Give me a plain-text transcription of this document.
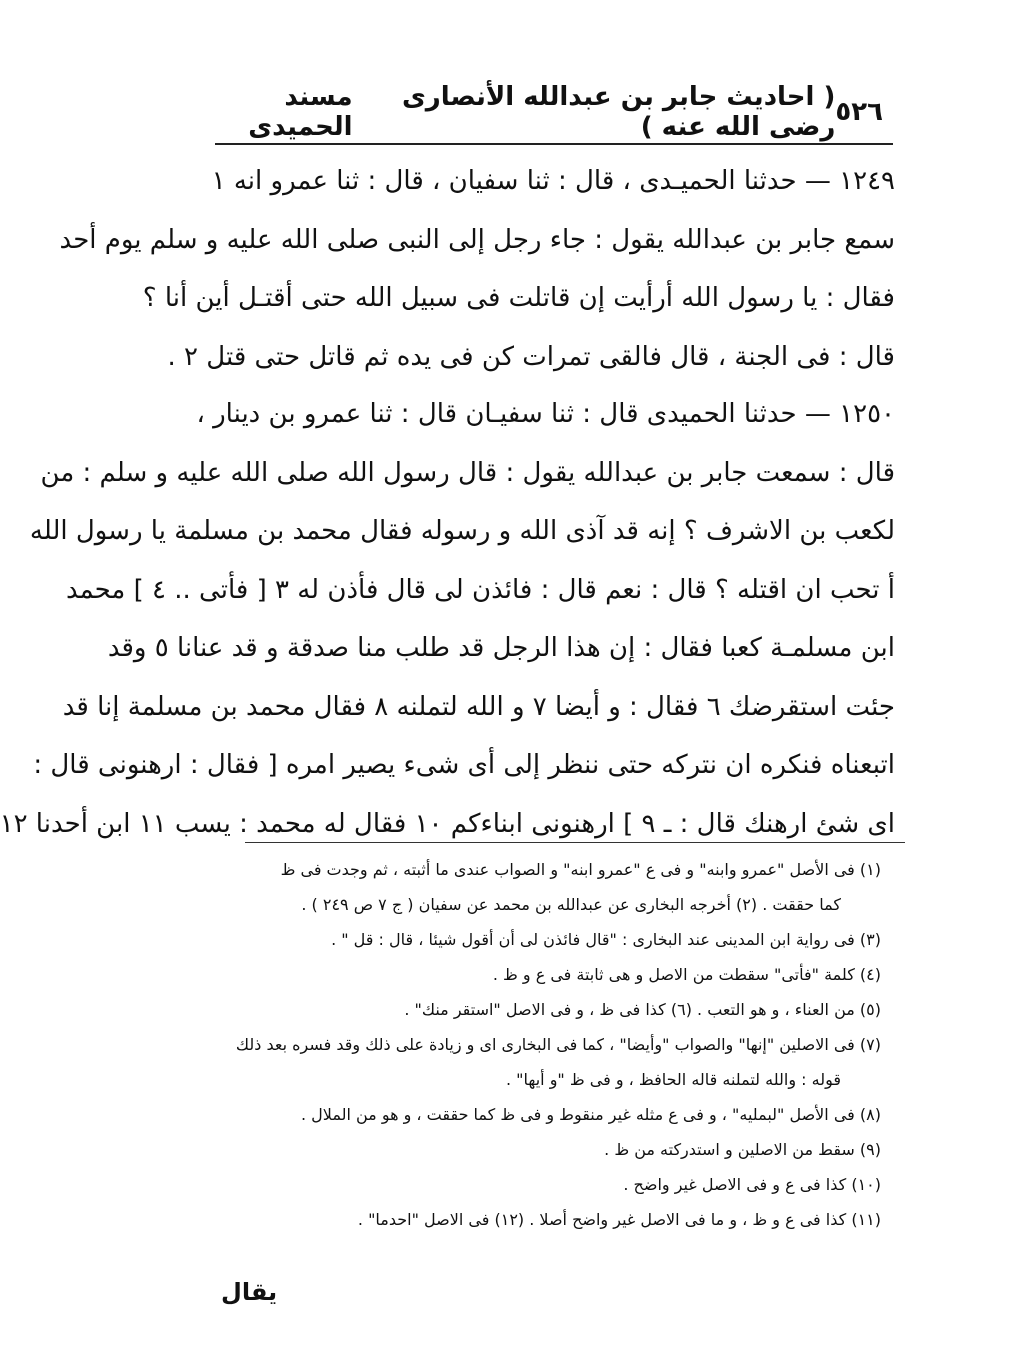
٥٢٦
( احاديث جابر بن عبدالله الأنصارى رضى الله عنه )
مسند الحميدى
١٢٤٩ — حدثنا الحميـدى ، قال : ثنا سفيان ، قال : ثنا عمرو انه ١
سمع جابر بن عبدالله يقول : جاء رجل إلى النبى صلى الله عليه و سلم يوم أحد
فقال : يا رسول الله أرأيت إن قاتلت فى سبيل الله حتى أقتـل أين أنا ؟
قال : فى الجنة ، قال فالقى تمرات كن فى يده ثم قاتل حتى قتل ٢ .
١٢٥٠ — حدثنا الحميدى قال : ثنا سفيـان قال : ثنا عمرو بن دينار ،
قال : سمعت جابر بن عبدالله يقول : قال رسول الله صلى الله عليه و سلم : من
لكعب بن الاشرف ؟ إنه قد آذى الله و رسوله فقال محمد بن مسلمة يا رسول الله
أ تحب ان اقتله ؟ قال : نعم قال : فائذن لى قال فأذن له ٣ [ فأتى .. ٤ ] محمد
ابن مسلمـة كعبا فقال : إن هذا الرجل قد طلب منا صدقة و قد عنانا ٥ وقد
جئت استقرضك ٦ فقال : و أيضا ٧ و الله لتملنه ٨ فقال محمد بن مسلمة إنا قد
اتبعناه فنكره ان نتركه حتى ننظر إلى أى شىء يصير امره [ فقال : ارهنونى قال :
اى شئ ارهنك قال : ـ ٩ ] ارهنونى ابناءكم ١٠ فقال له محمد : يسب ١١ ابن أحدنا ١٢
(١) فى الأصل "عمرو وابنه" و فى ع "عمرو ابنه" و الصواب عندى ما أثبته ، ثم وجدت فى ظ
كما حققت . (٢) أخرجه البخارى عن عبدالله بن محمد عن سفيان ( ج ٧ ص ٢٤٩ ) .
(٣) فى رواية ابن المدينى عند البخارى : "قال فائذن لى أن أقول شيئا ، قال : قل " .
(٤) كلمة "فأتى" سقطت من الاصل و هى ثابتة فى ع و ظ .
(٥) من العناء ، و هو التعب . (٦) كذا فى ظ ، و فى الاصل "استقر منك" .
(٧) فى الاصلين "إنها" والصواب "وأيضا" ، كما فى البخارى اى و زيادة على ذلك وقد فسره بعد ذلك
قوله : والله لتملنه قاله الحافظ ، و فى ظ "و أيها" .
(٨) فى الأصل "لبمليه" ، و فى ع مثله غير منقوط و فى ظ كما حققت ، و هو من الملال .
(٩) سقط من الاصلين و استدركته من ظ .
(١٠) كذا فى ع و فى الاصل غير واضح .
(١١) كذا فى ع و ظ ، و ما فى الاصل غير واضح أصلا . (١٢) فى الاصل "احدما" .
يقال
